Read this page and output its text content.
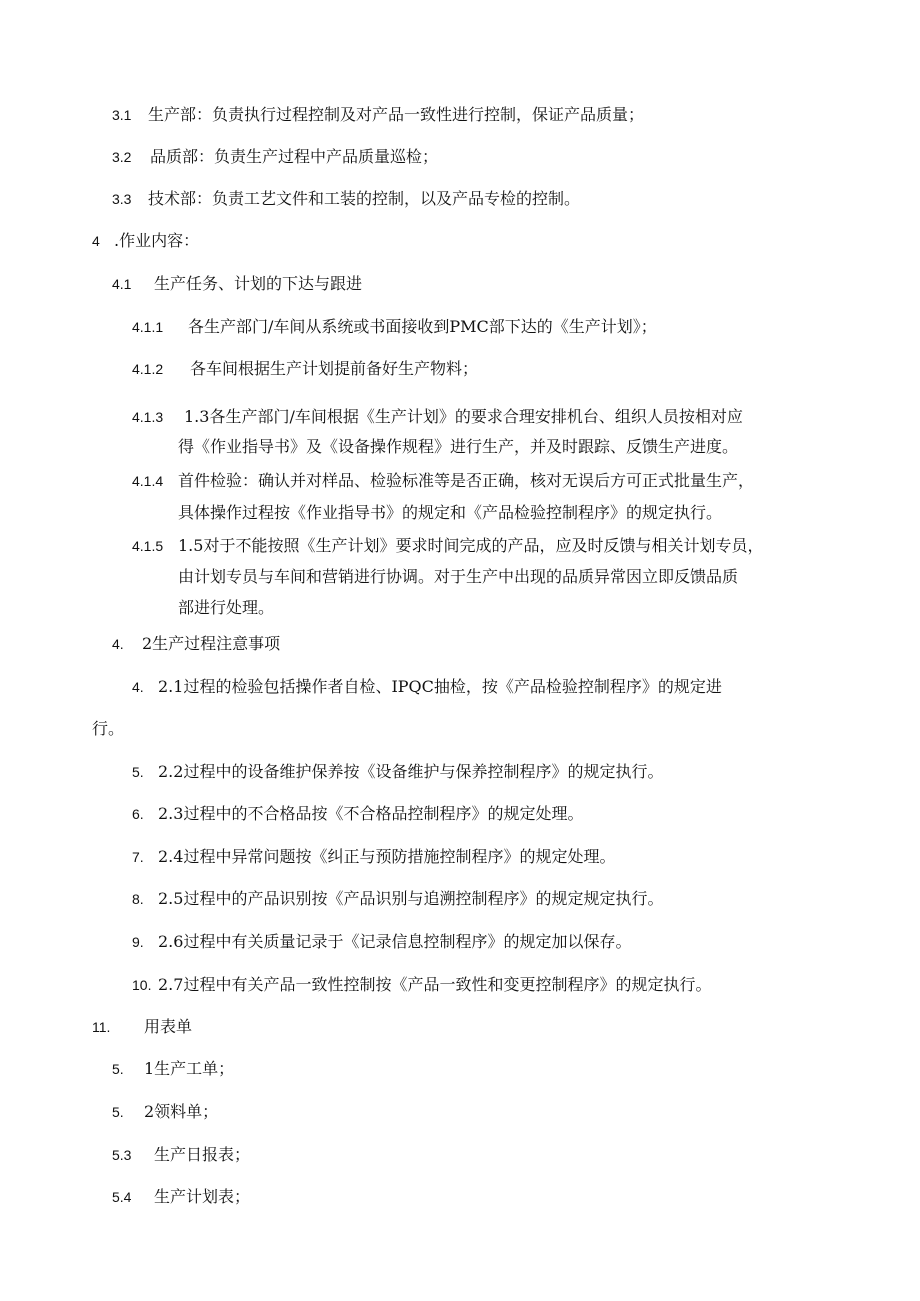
3.1 生产部：负责执行过程控制及对产品一致性进行控制，保证产品质量；
3.2 品质部：负责生产过程中产品质量巡检；
3.3 技术部：负责工艺文件和工装的控制，以及产品专检的控制。
4 .作业内容：
4.1 生产任务、计划的下达与跟进
4.1.1 各生产部门/车间从系统或书面接收到PMC部下达的《生产计划》；
4.1.2 各车间根据生产计划提前备好生产物料；
4.1.3 1.3各生产部门/车间根据《生产计划》的要求合理安排机台、组织人员按相对应
得《作业指导书》及《设备操作规程》进行生产，并及时跟踪、反馈生产进度。
4.1.4 首件检验：确认并对样品、检验标准等是否正确，核对无误后方可正式批量生产，
具体操作过程按《作业指导书》的规定和《产品检验控制程序》的规定执行。
4.1.5 1.5对于不能按照《生产计划》要求时间完成的产品，应及时反馈与相关计划专员，
由计划专员与车间和营销进行协调。对于生产中出现的品质异常因立即反馈品质
部进行处理。
4. 2生产过程注意事项
4. 2.1过程的检验包括操作者自检、IPQC抽检，按《产品检验控制程序》的规定进
行。
5. 2.2过程中的设备维护保养按《设备维护与保养控制程序》的规定执行。
6. 2.3过程中的不合格品按《不合格品控制程序》的规定处理。
7. 2.4过程中异常问题按《纠正与预防措施控制程序》的规定处理。
8. 2.5过程中的产品识别按《产品识别与追溯控制程序》的规定规定执行。
9. 2.6过程中有关质量记录于《记录信息控制程序》的规定加以保存。
10. 2.7过程中有关产品一致性控制按《产品一致性和变更控制程序》的规定执行。
11. 用表单
5. 1生产工单；
5. 2领料单；
5.3 生产日报表；
5.4 生产计划表；
